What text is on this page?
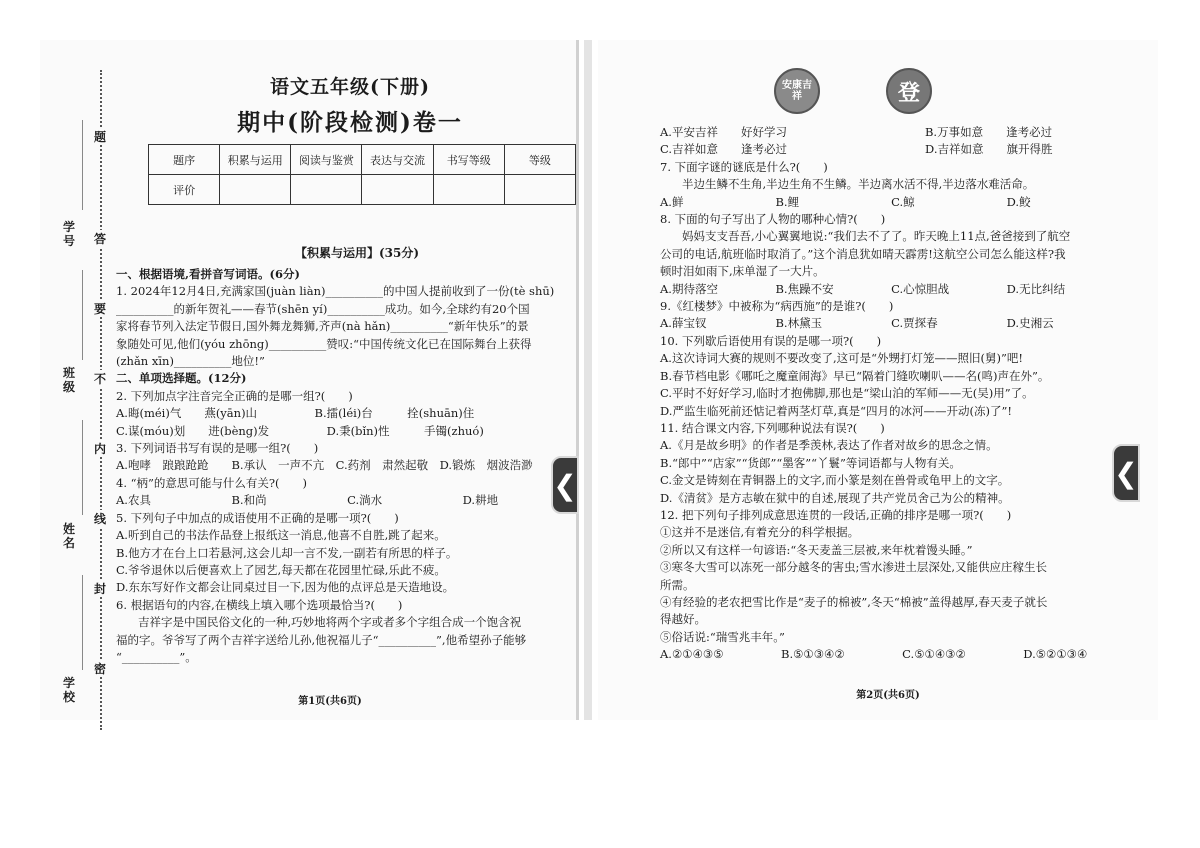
题
答
要
不
内
线
封
密
学号
班级
姓名
学校
语文五年级(下册)
期中(阶段检测)卷一
题序	积累与运用	阅读与鉴赏	表达与交流	书写等级	等级
评价					
【积累与运用】(35分)
一、根据语境,看拼音写词语。(6分)
1. 2024年12月4日,充满家国(juàn liàn)__________的中国人提前收到了一份(tè shū)
__________的新年贺礼——春节(shēn yí)__________成功。如今,全球约有20个国
家将春节列入法定节假日,国外舞龙舞狮,齐声(nà hǎn)__________“新年快乐”的景
象随处可见,他们(yóu zhōng)__________赞叹:“中国传统文化已在国际舞台上获得
(zhǎn xīn)__________地位!”
二、单项选择题。(12分)
2. 下列加点字注音完全正确的是哪一组?(　　)
A.晦(méi)气　　燕(yān)山　　　　　B.擂(léi)台　　　拴(shuān)住
C.谋(móu)划　　进(bèng)发　　　　　D.秉(bǐn)性　　　手镯(zhuó)
3. 下列词语书写有误的是哪一组?(　　)
A.咆哮　踉踉跄跄　　B.承认　一声不亢　C.药剂　肃然起敬　D.锻炼　烟波浩渺
4. “柄”的意思可能与什么有关?(　　)
A.农具　　　　　　　B.和尚　　　　　　　C.淌水　　　　　　　D.耕地
5. 下列句子中加点的成语使用不正确的是哪一项?(　　)
A.听到自己的书法作品登上报纸这一消息,他喜不自胜,跳了起来。
B.他方才在台上口若悬河,这会儿却一言不发,一副若有所思的样子。
C.爷爷退休以后便喜欢上了园艺,每天都在花园里忙碌,乐此不疲。
D.东东写好作文都会让同桌过目一下,因为他的点评总是天造地设。
6. 根据语句的内容,在横线上填入哪个选项最恰当?(　　)
吉祥字是中国民俗文化的一种,巧妙地将两个字或者多个字组合成一个饱含祝
福的字。爷爷写了两个吉祥字送给儿孙,他祝福儿子“__________”,他希望孙子能够
“__________”。
第1页(共6页)
安康吉祥	登
A.平安吉祥　　好好学习　　　　　　　　　　　　B.万事如意　　逢考必过
C.吉祥如意　　逢考必过　　　　　　　　　　　　D.吉祥如意　　旗开得胜
7. 下面字谜的谜底是什么?(　　)
半边生鳞不生角,半边生角不生鳞。半边离水活不得,半边落水难活命。
A.鲜　　　　　　　　B.鲤　　　　　　　　C.鲸　　　　　　　　D.鲛
8. 下面的句子写出了人物的哪种心情?(　　)
妈妈支支吾吾,小心翼翼地说:“我们去不了了。昨天晚上11点,爸爸接到了航空
公司的电话,航班临时取消了。”这个消息犹如晴天霹雳!这航空公司怎么能这样?我
顿时泪如雨下,床单湿了一大片。
A.期待落空　　　　　B.焦躁不安　　　　　C.心惊胆战　　　　　D.无比纠结
9.《红楼梦》中被称为“病西施”的是谁?(　　)
A.薛宝钗　　　　　　B.林黛玉　　　　　　C.贾探春　　　　　　D.史湘云
10. 下列歇后语使用有误的是哪一项?(　　)
A.这次诗词大赛的规则不要改变了,这可是“外甥打灯笼——照旧(舅)”吧!
B.春节档电影《哪吒之魔童闹海》早已“隔着门缝吹喇叭——名(鸣)声在外”。
C.平时不好好学习,临时才抱佛脚,那也是“梁山泊的军师——无(吴)用”了。
D.严监生临死前还惦记着两茎灯草,真是“四月的冰河——开动(冻)了”!
11. 结合课文内容,下列哪种说法有误?(　　)
A.《月是故乡明》的作者是季羡林,表达了作者对故乡的思念之情。
B.“郎中”“店家”“货郎”“墨客”“丫鬟”等词语都与人物有关。
C.金文是铸刻在青铜器上的文字,而小篆是刻在兽骨或龟甲上的文字。
D.《清贫》是方志敏在狱中的自述,展现了共产党员舍己为公的精神。
12. 把下列句子排列成意思连贯的一段话,正确的排序是哪一项?(　　)
①这并不是迷信,有着充分的科学根据。
②所以又有这样一句谚语:“冬天麦盖三层被,来年枕着馒头睡。”
③寒冬大雪可以冻死一部分越冬的害虫;雪水渗进土层深处,又能供应庄稼生长
所需。
④有经验的老农把雪比作是“麦子的棉被”,冬天“棉被”盖得越厚,春天麦子就长
得越好。
⑤俗话说:“瑞雪兆丰年。”
A.②①④③⑤　　　　　B.⑤①③④②　　　　　C.⑤①④③②　　　　　D.⑤②①③④
第2页(共6页)
❮	❮
